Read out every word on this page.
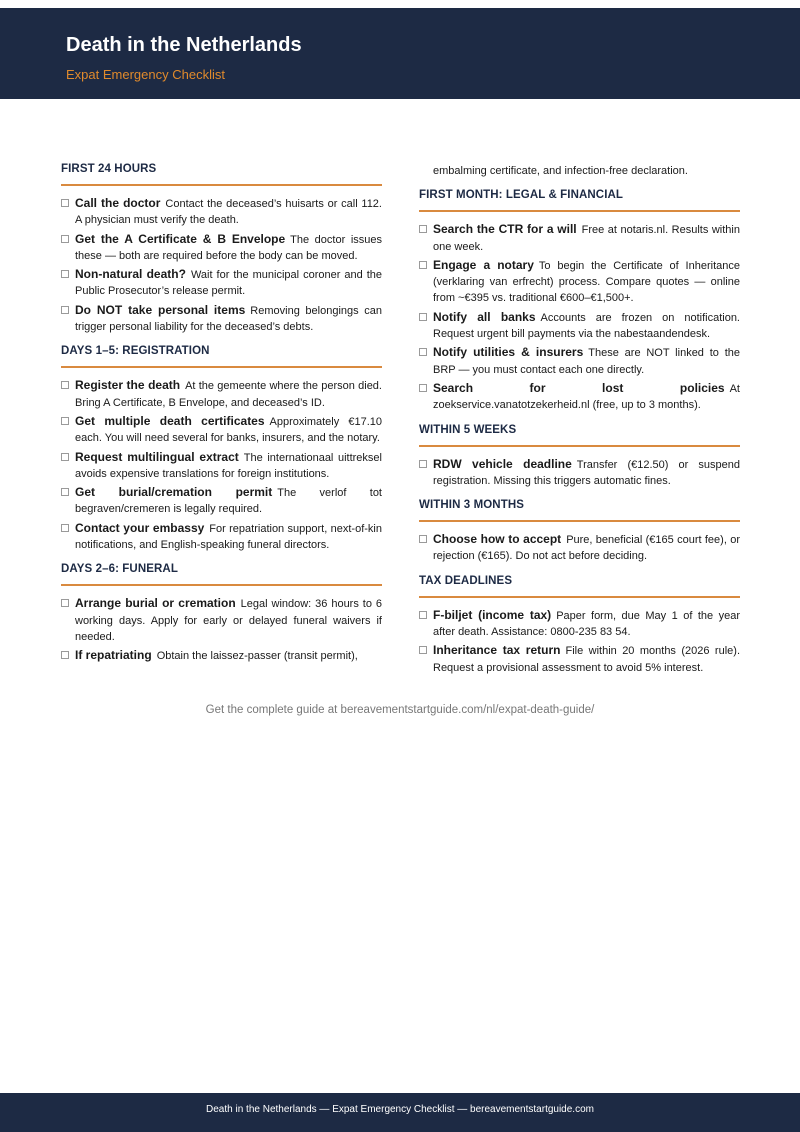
Death in the Netherlands
Expat Emergency Checklist
FIRST 24 HOURS
Call the doctor Contact the deceased’s huisarts or call 112. A physician must verify the death.
Get the A Certificate & B Envelope The doctor issues these — both are required before the body can be moved.
Non-natural death? Wait for the municipal coroner and the Public Prosecutor’s release permit.
Do NOT take personal items Removing belongings can trigger personal liability for the deceased’s debts.
DAYS 1–5: REGISTRATION
Register the death At the gemeente where the person died. Bring A Certificate, B Envelope, and deceased’s ID.
Get multiple death certificates Approximately €17.10 each. You will need several for banks, insurers, and the notary.
Request multilingual extract The internationaal uittreksel avoids expensive translations for foreign institutions.
Get burial/cremation permit The verlof tot begraven/cremeren is legally required.
Contact your embassy For repatriation support, next-of-kin notifications, and English-speaking funeral directors.
DAYS 2–6: FUNERAL
Arrange burial or cremation Legal window: 36 hours to 6 working days. Apply for early or delayed funeral waivers if needed.
If repatriating Obtain the laissez-passer (transit permit),
embalming certificate, and infection-free declaration.
FIRST MONTH: LEGAL & FINANCIAL
Search the CTR for a will Free at notaris.nl. Results within one week.
Engage a notary To begin the Certificate of Inheritance (verklaring van erfrecht) process. Compare quotes — online from ~€395 vs. traditional €600–€1,500+.
Notify all banks Accounts are frozen on notification. Request urgent bill payments via the nabestaandendesk.
Notify utilities & insurers These are NOT linked to the BRP — you must contact each one directly.
Search for lost policies At zoekservice.vanatotzekerheid.nl (free, up to 3 months).
WITHIN 5 WEEKS
RDW vehicle deadline Transfer (€12.50) or suspend registration. Missing this triggers automatic fines.
WITHIN 3 MONTHS
Choose how to accept Pure, beneficial (€165 court fee), or rejection (€165). Do not act before deciding.
TAX DEADLINES
F-biljet (income tax) Paper form, due May 1 of the year after death. Assistance: 0800-235 83 54.
Inheritance tax return File within 20 months (2026 rule). Request a provisional assessment to avoid 5% interest.
Get the complete guide at bereavementstartguide.com/nl/expat-death-guide/
Death in the Netherlands — Expat Emergency Checklist — bereavementstartguide.com
